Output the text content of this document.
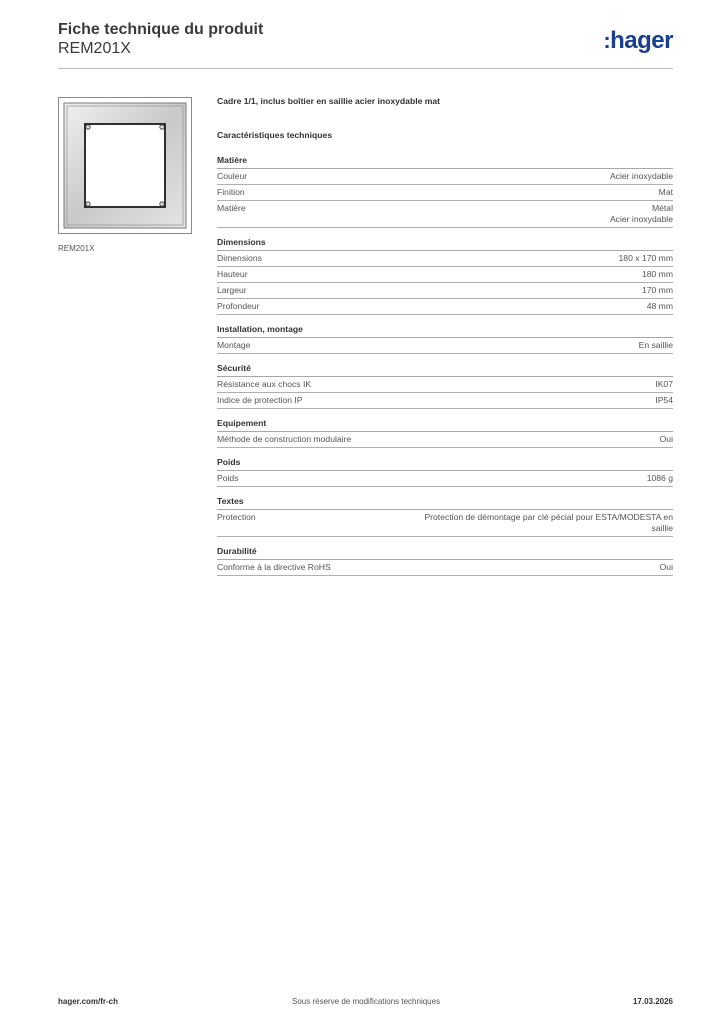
Fiche technique du produit
REM201X	:hager
REM201X
Cadre 1/1, inclus boîtier en saillie acier inoxydable mat
Caractéristiques techniques
Matière
Couleur	Acier inoxydable
Finition	Mat
Matière	Métal
Acier inoxydable
Dimensions
Dimensions	180 x 170 mm
Hauteur	180 mm
Largeur	170 mm
Profondeur	48 mm
Installation, montage
Montage	En saillie
Sécurité
Résistance aux chocs IK	IK07
Indice de protection IP	IP54
Equipement
Méthode de construction modulaire	Oui
Poids
Poids	1086 g
Textes
Protection	Protection de démontage par clé pécial pour ESTA/MODESTA en
saillie
Durabilité
Conforme à la directive RoHS	Oui
hager.com/fr-ch	Sous réserve de modifications techniques	17.03.2026
